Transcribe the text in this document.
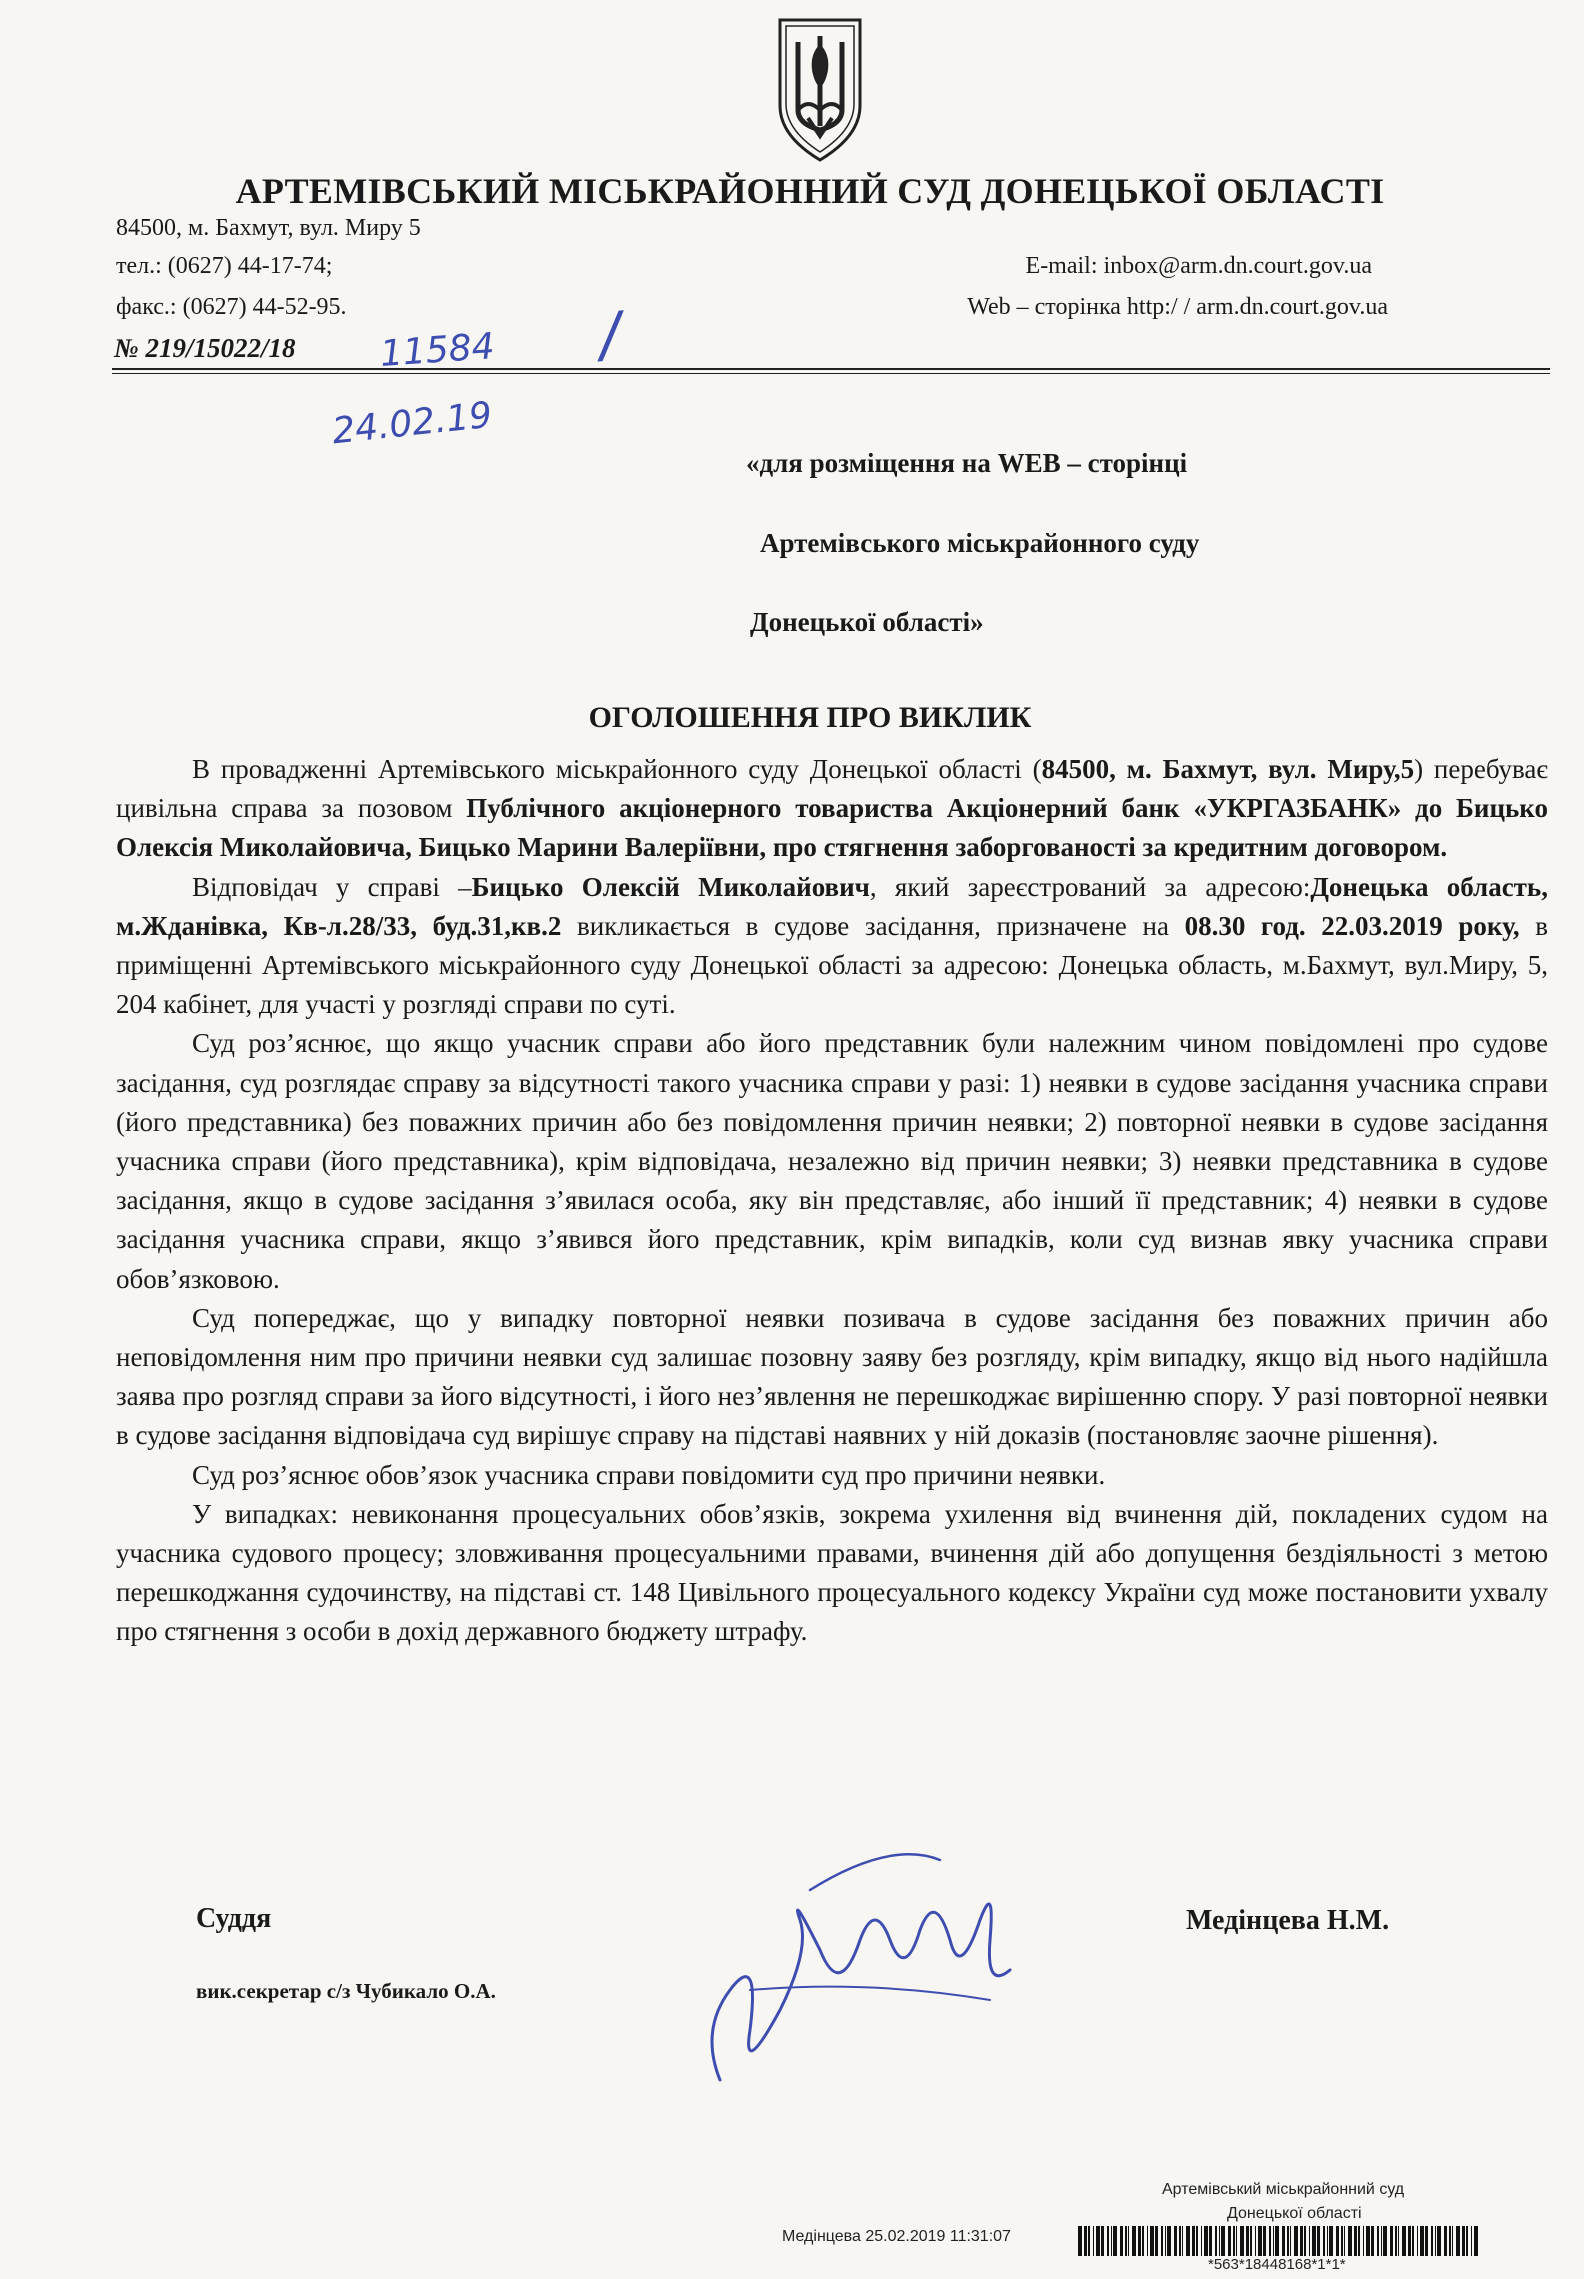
АРТЕМІВСЬКИЙ МІСЬКРАЙОННИЙ СУД ДОНЕЦЬКОЇ ОБЛАСТІ
84500, м. Бахмут, вул. Миру 5
тел.: (0627) 44-17-74;
факс.: (0627) 44-52-95.
E-mail: inbox@arm.dn.court.gov.ua
Web – сторінка http:/ / arm.dn.court.gov.ua
№ 219/15022/18 11584 /
24.02.19
«для розміщення на WEB – сторінці
Артемівського міськрайонного суду
Донецької області»
ОГОЛОШЕННЯ ПРО ВИКЛИК

В провадженні Артемівського міськрайонного суду Донецької області (84500, м. Бахмут, вул. Миру,5) перебуває цивільна справа за позовом Публічного акціонерного товариства Акціонерний банк «УКРГАЗБАНК» до Бицько Олексія Миколайовича, Бицько Марини Валеріївни, про стягнення заборгованості за кредитним договором.

Відповідач у справі –Бицько Олексій Миколайович, який зареєстрований за адресою:Донецька область, м.Жданівка, Кв-л.28/33, буд.31,кв.2 викликається в судове засідання, призначене на 08.30 год. 22.03.2019 року, в приміщенні Артемівського міськрайонного суду Донецької області за адресою: Донецька область, м.Бахмут, вул.Миру, 5, 204 кабінет, для участі у розгляді справи по суті.

Суд роз’яснює, що якщо учасник справи або його представник були належним чином повідомлені про судове засідання, суд розглядає справу за відсутності такого учасника справи у разі: 1) неявки в судове засідання учасника справи (його представника) без поважних причин або без повідомлення причин неявки; 2) повторної неявки в судове засідання учасника справи (його представника), крім відповідача, незалежно від причин неявки; 3) неявки представника в судове засідання, якщо в судове засідання з’явилася особа, яку він представляє, або інший її представник; 4) неявки в судове засідання учасника справи, якщо з’явився його представник, крім випадків, коли суд визнав явку учасника справи обов’язковою.

Суд попереджає, що у випадку повторної неявки позивача в судове засідання без поважних причин або неповідомлення ним про причини неявки суд залишає позовну заяву без розгляду, крім випадку, якщо від нього надійшла заява про розгляд справи за його відсутності, і його нез’явлення не перешкоджає вирішенню спору. У разі повторної неявки в судове засідання відповідача суд вирішує справу на підставі наявних у ній доказів (постановляє заочне рішення).

Суд роз’яснює обов’язок учасника справи повідомити суд про причини неявки.

У випадках: невиконання процесуальних обов’язків, зокрема ухилення від вчинення дій, покладених судом на учасника судового процесу; зловживання процесуальними правами, вчинення дій або допущення бездіяльності з метою перешкоджання судочинству, на підставі ст. 148 Цивільного процесуального кодексу України суд може постановити ухвалу про стягнення з особи в дохід державного бюджету штрафу.

Суддя	Медінцева Н.М.
вик.секретар с/з Чубикало О.А.
Артемівський міськрайонний суд
Донецької області
Медінцева 25.02.2019 11:31:07
*563*18448168*1*1*
